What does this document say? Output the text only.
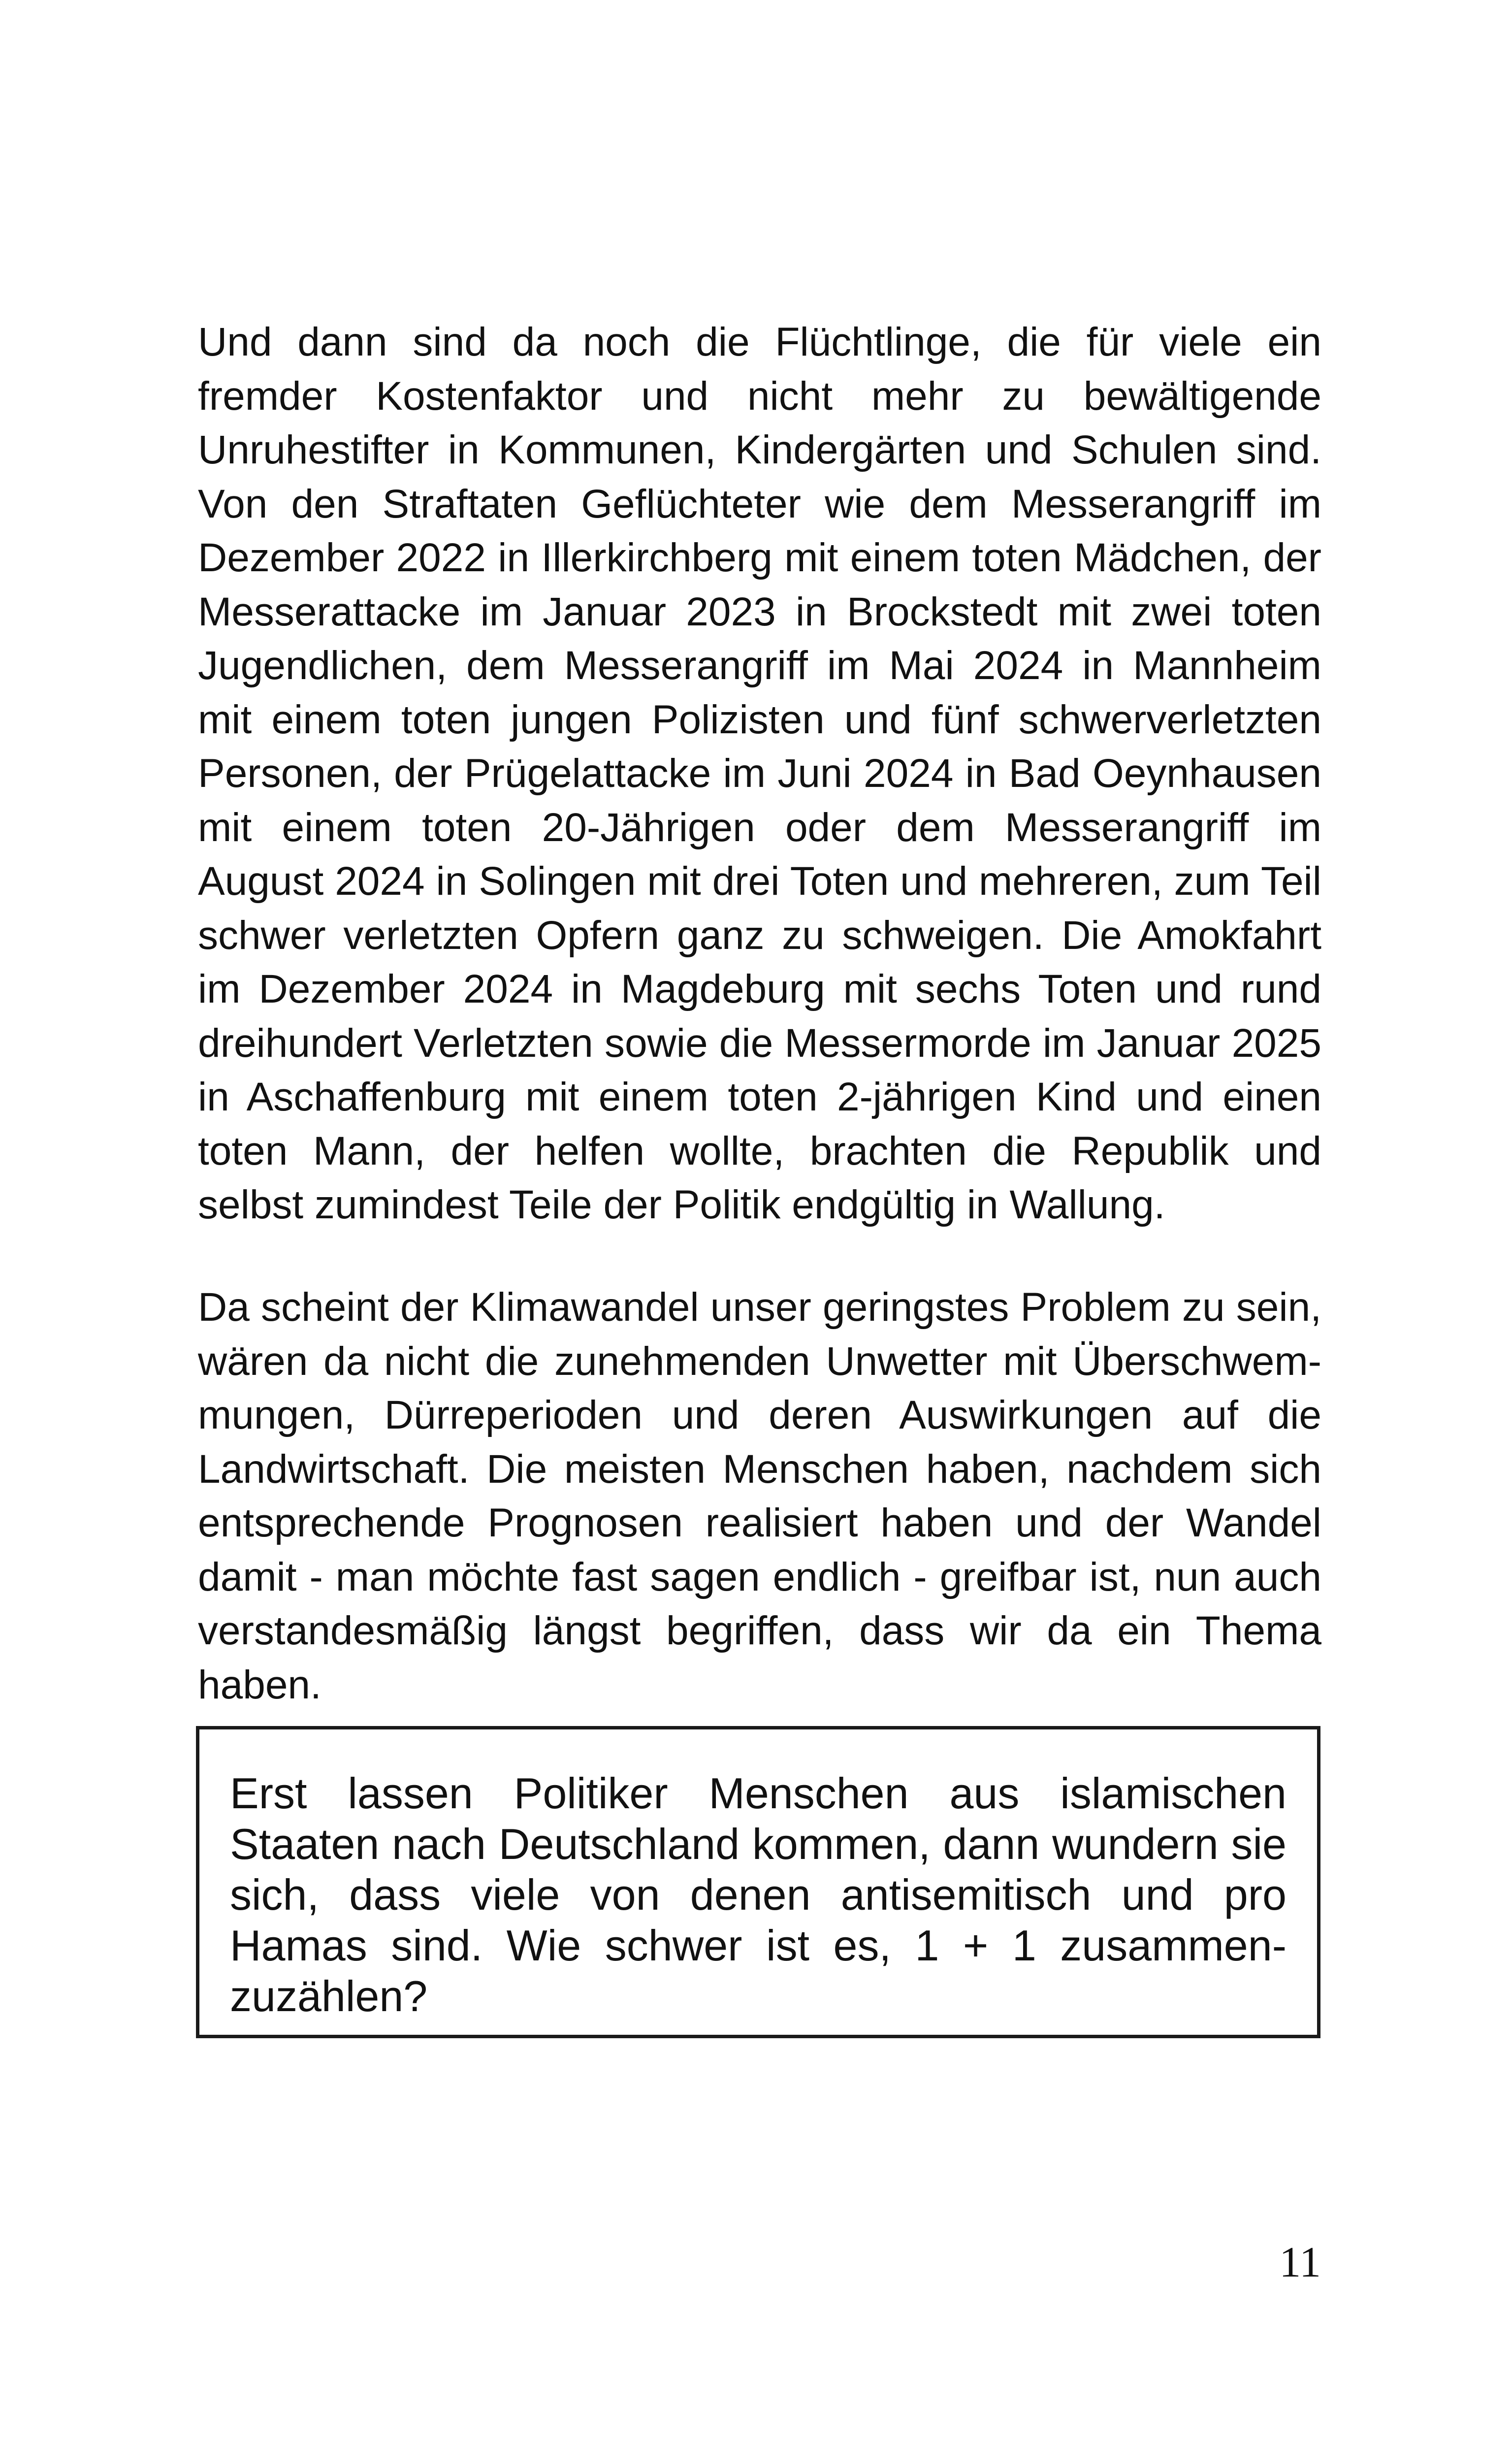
Und dann sind da noch die Flüchtlinge, die für viele ein fremder Kostenfaktor und nicht mehr zu bewältigende Unruhestifter in Kommunen, Kindergärten und Schulen sind. Von den Straftaten Geflüchteter wie dem Messerangriff im Dezember 2022 in Illerkirchberg mit einem toten Mädchen, der Messerattacke im Januar 2023 in Brockstedt mit zwei toten Jugendlichen, dem Messerangriff im Mai 2024 in Mannheim mit einem toten jungen Polizisten und fünf schwerverletzten Personen, der Prügelattacke im Juni 2024 in Bad Oeynhausen mit einem toten 20-Jährigen oder dem Messerangriff im August 2024 in Solingen mit drei Toten und mehreren, zum Teil schwer verletzten Opfern ganz zu schweigen. Die Amokfahrt im Dezember 2024 in Magdeburg mit sechs Toten und rund dreihundert Verletzten sowie die Messermorde im Januar 2025 in Aschaffenburg mit einem toten 2-jährigen Kind und einen toten Mann, der helfen wollte, brachten die Republik und selbst zumindest Teile der Politik endgültig in Wallung.

Da scheint der Klimawandel unser geringstes Problem zu sein, wären da nicht die zunehmenden Unwetter mit Überschwemmungen, Dürreperioden und deren Auswirkungen auf die Landwirtschaft. Die meisten Menschen haben, nachdem sich entsprechende Prognosen realisiert haben und der Wandel damit - man möchte fast sagen endlich - greifbar ist, nun auch verstandesmäßig längst begriffen, dass wir da ein Thema haben.

Erst lassen Politiker Menschen aus islamischen Staaten nach Deutschland kommen, dann wundern sie sich, dass viele von denen antisemitisch und pro Hamas sind. Wie schwer ist es, 1 + 1 zusammenzuzählen?

11
